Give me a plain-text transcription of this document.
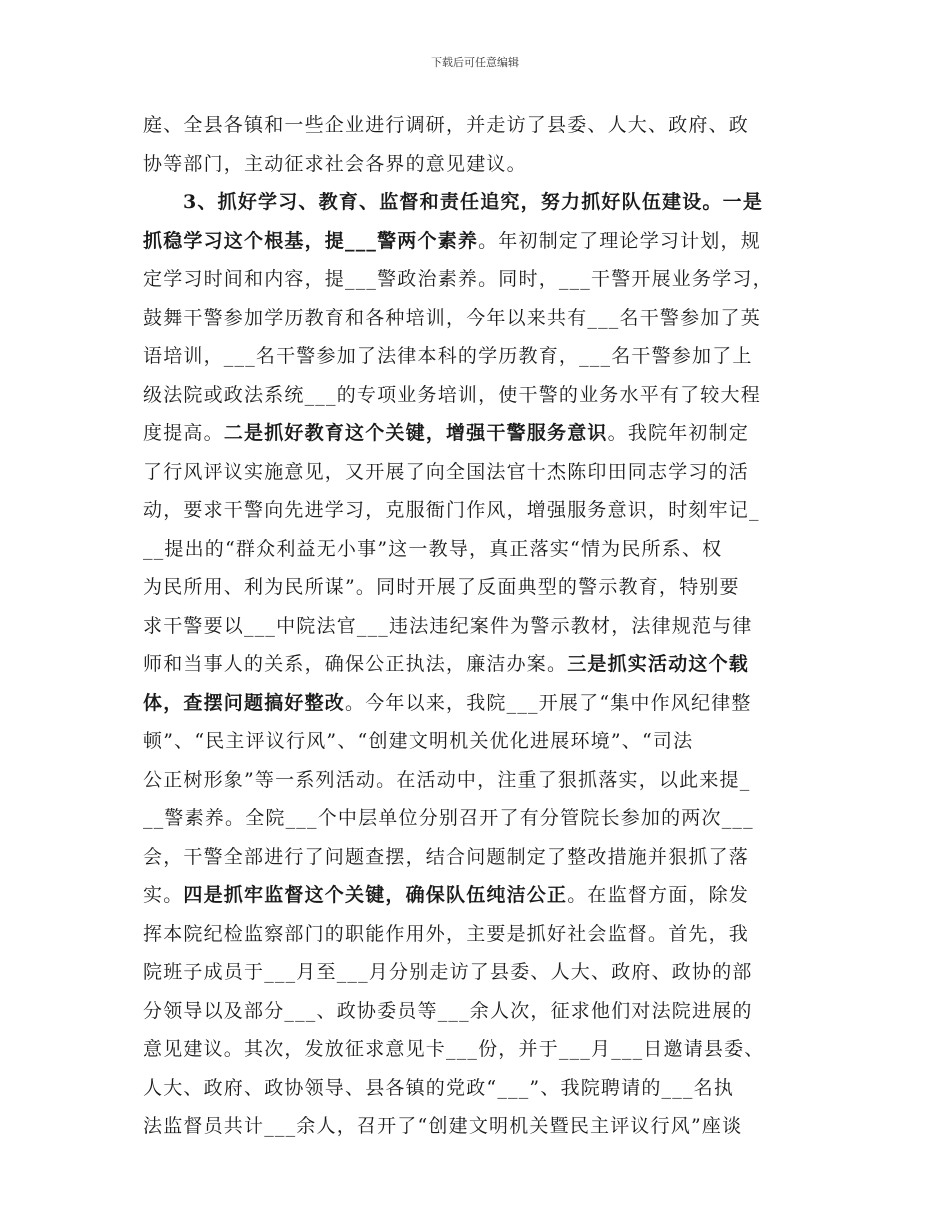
下载后可任意编辑
庭、全县各镇和一些企业进行调研，并走访了县委、人大、政府、政
协等部门，主动征求社会各界的意见建议。
3、抓好学习、教育、监督和责任追究，努力抓好队伍建设。一是
抓稳学习这个根基，提___警两个素养。年初制定了理论学习计划，规
定学习时间和内容，提___警政治素养。同时，___干警开展业务学习，
鼓舞干警参加学历教育和各种培训，今年以来共有___名干警参加了英
语培训，___名干警参加了法律本科的学历教育，___名干警参加了上
级法院或政法系统___的专项业务培训，使干警的业务水平有了较大程
度提高。二是抓好教育这个关键，增强干警服务意识。我院年初制定
了行风评议实施意见，又开展了向全国法官十杰陈印田同志学习的活
动，要求干警向先进学习，克服衙门作风，增强服务意识，时刻牢记_
__提出的“群众利益无小事”这一教导，真正落实“情为民所系、权
为民所用、利为民所谋”。同时开展了反面典型的警示教育，特别要
求干警要以___中院法官___违法违纪案件为警示教材，法律规范与律
师和当事人的关系，确保公正执法，廉洁办案。三是抓实活动这个载
体，查摆问题搞好整改。今年以来，我院___开展了“集中作风纪律整
顿”、“民主评议行风”、“创建文明机关优化进展环境”、“司法
公正树形象”等一系列活动。在活动中，注重了狠抓落实，以此来提_
__警素养。全院___个中层单位分别召开了有分管院长参加的两次___
会，干警全部进行了问题查摆，结合问题制定了整改措施并狠抓了落
实。四是抓牢监督这个关键，确保队伍纯洁公正。在监督方面，除发
挥本院纪检监察部门的职能作用外，主要是抓好社会监督。首先，我
院班子成员于___月至___月分别走访了县委、人大、政府、政协的部
分领导以及部分___、政协委员等___余人次，征求他们对法院进展的
意见建议。其次，发放征求意见卡___份，并于___月___日邀请县委、
人大、政府、政协领导、县各镇的党政“___”、我院聘请的___名执
法监督员共计___余人，召开了“创建文明机关暨民主评议行风”座谈
